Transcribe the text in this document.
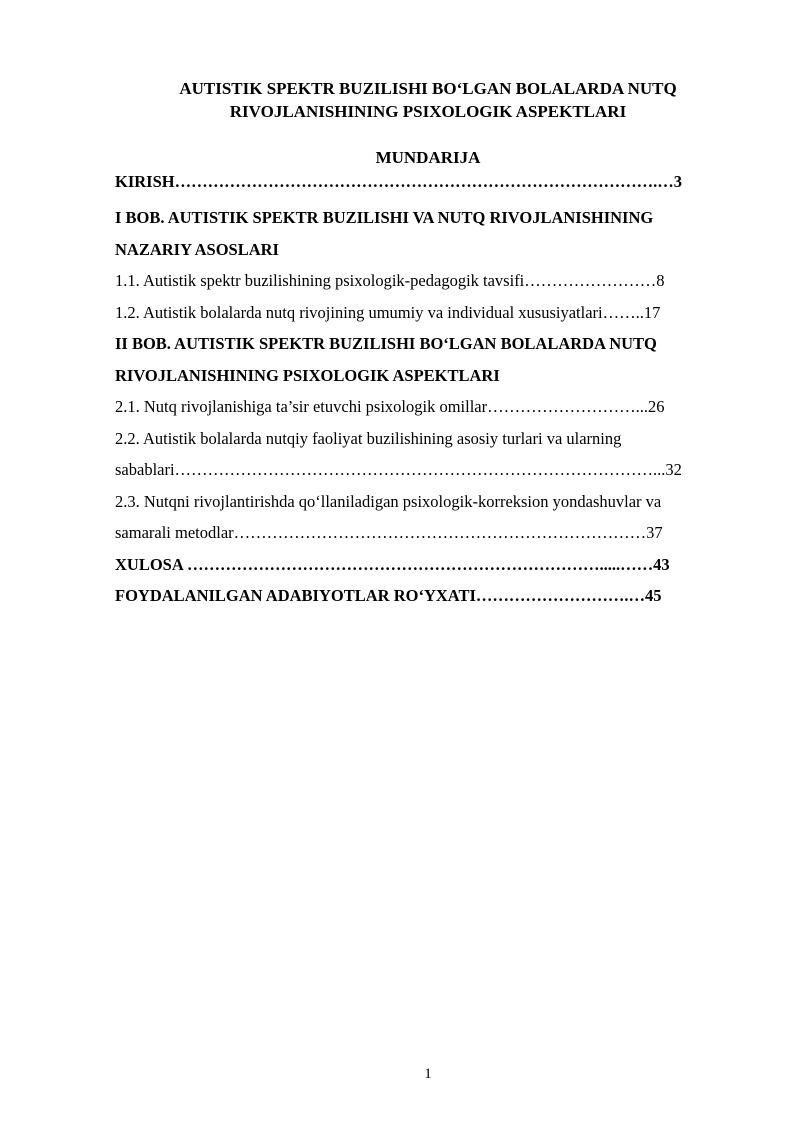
AUTISTIK SPEKTR BUZILISHI BO‘LGAN BOLALARDA NUTQ
RIVOJLANISHINING PSIXOLOGIK ASPEKTLARI
MUNDARIJA
KIRISH…………………………………………………………………………….…3
I BOB. AUTISTIK SPEKTR BUZILISHI VA NUTQ RIVOJLANISHINING
NAZARIY ASOSLARI
1.1. Autistik spektr buzilishining psixologik-pedagogik tavsifi……………………8
1.2. Autistik bolalarda nutq rivojining umumiy va individual xususiyatlari……..17
II BOB. AUTISTIK SPEKTR BUZILISHI BO‘LGAN BOLALARDA NUTQ
RIVOJLANISHINING PSIXOLOGIK ASPEKTLARI
2.1. Nutq rivojlanishiga ta’sir etuvchi psixologik omillar………………………...26
2.2. Autistik bolalarda nutqiy faoliyat buzilishining asosiy turlari va ularning
sabablari……………………………………………………………………………...32
2.3. Nutqni rivojlantirishda qo‘llaniladigan psixologik-korreksion yondashuvlar va
samarali metodlar…………………………………………………………………37
XULOSA ………………………………………………………………….....……43
FOYDALANILGAN ADABIYOTLAR RO‘YXATI……………………….…45
1
